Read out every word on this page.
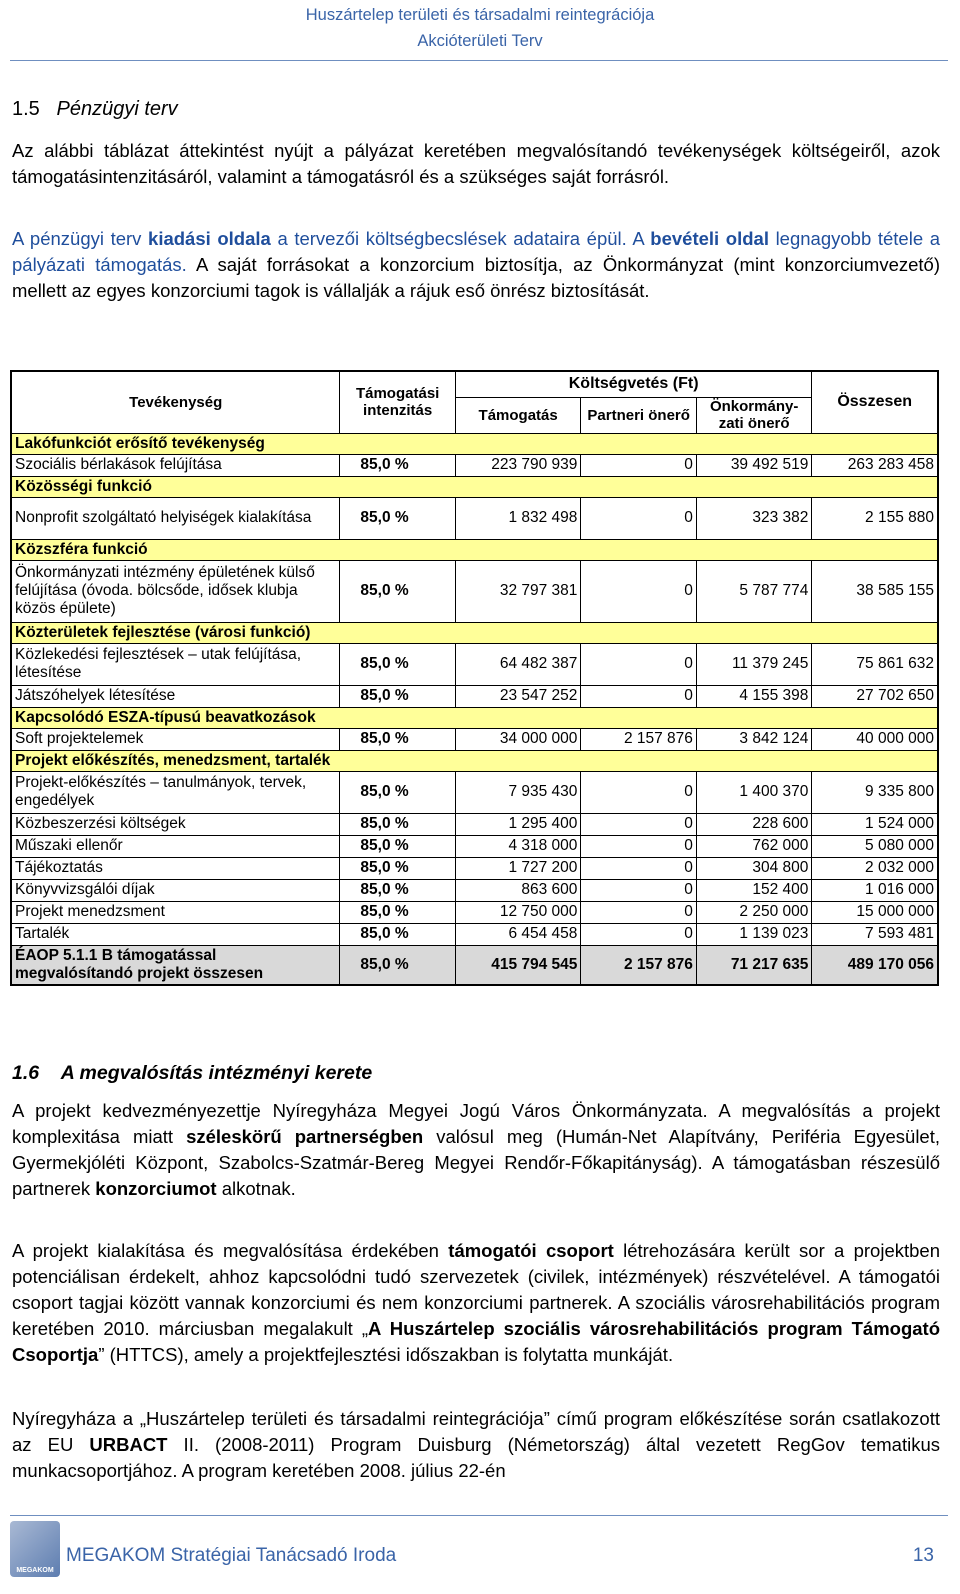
Huszártelep területi és társadalmi reintegrációja
Akcióterületi Terv
1.5 Pénzügyi terv
Az alábbi táblázat áttekintést nyújt a pályázat keretében megvalósítandó tevékenységek költségeiről, azok támogatásintenzitásáról, valamint a támogatásról és a szükséges saját forrásról.
A pénzügyi terv kiadási oldala a tervezői költségbecslések adataira épül. A bevételi oldal legnagyobb tétele a pályázati támogatás. A saját forrásokat a konzorcium biztosítja, az Önkormányzat (mint konzorciumvezető) mellett az egyes konzorciumi tagok is vállalják a rájuk eső önrész biztosítását.
Tevékenység	Támogatási intenzitás	Költségvetés (Ft)			Összesen
		Támogatás	Partneri önerő	Önkormány-zati önerő	
Lakófunkciót erősítő tevékenység					
Szociális bérlakások felújítása	85,0 %	223 790 939	0	39 492 519	263 283 458
Közösségi funkció					
Nonprofit szolgáltató helyiségek kialakítása	85,0 %	1 832 498	0	323 382	2 155 880
Közszféra funkció					
Önkormányzati intézmény épületének külső felújítása (óvoda. bölcsőde, idősek klubja közös épülete)	85,0 %	32 797 381	0	5 787 774	38 585 155
Közterületek fejlesztése (városi funkció)					
Közlekedési fejlesztések – utak felújítása, létesítése	85,0 %	64 482 387	0	11 379 245	75 861 632
Játszóhelyek létesítése	85,0 %	23 547 252	0	4 155 398	27 702 650
Kapcsolódó ESZA-típusú beavatkozások					
Soft projektelemek	85,0 %	34 000 000	2 157 876	3 842 124	40 000 000
Projekt előkészítés, menedzsment, tartalék					
Projekt-előkészítés – tanulmányok, tervek, engedélyek	85,0 %	7 935 430	0	1 400 370	9 335 800
Közbeszerzési költségek	85,0 %	1 295 400	0	228 600	1 524 000
Műszaki ellenőr	85,0 %	4 318 000	0	762 000	5 080 000
Tájékoztatás	85,0 %	1 727 200	0	304 800	2 032 000
Könyvvizsgálói díjak	85,0 %	863 600	0	152 400	1 016 000
Projekt menedzsment	85,0 %	12 750 000	0	2 250 000	15 000 000
Tartalék	85,0 %	6 454 458	0	1 139 023	7 593 481
ÉAOP 5.1.1 B támogatással megvalósítandó projekt összesen	85,0 %	415 794 545	2 157 876	71 217 635	489 170 056
1.6 A megvalósítás intézményi kerete
A projekt kedvezményezettje Nyíregyháza Megyei Jogú Város Önkormányzata. A megvalósítás a projekt komplexitása miatt széleskörű partnerségben valósul meg (Humán-Net Alapítvány, Periféria Egyesület, Gyermekjóléti Központ, Szabolcs-Szatmár-Bereg Megyei Rendőr-Főkapitányság). A támogatásban részesülő partnerek konzorciumot alkotnak.
A projekt kialakítása és megvalósítása érdekében támogatói csoport létrehozására került sor a projektben potenciálisan érdekelt, ahhoz kapcsolódni tudó szervezetek (civilek, intézmények) részvételével. A támogatói csoport tagjai között vannak konzorciumi és nem konzorciumi partnerek. A szociális városrehabilitációs program keretében 2010. márciusban megalakult „A Huszártelep szociális városrehabilitációs program Támogató Csoportja” (HTTCS), amely a projektfejlesztési időszakban is folytatta munkáját.
Nyíregyháza a „Huszártelep területi és társadalmi reintegrációja” című program előkészítése során csatlakozott az EU URBACT II. (2008-2011) Program Duisburg (Németország) által vezetett RegGov tematikus munkacsoportjához. A program keretében 2008. július 22-én
MEGAKOM
MEGAKOM Stratégiai Tanácsadó Iroda	13
